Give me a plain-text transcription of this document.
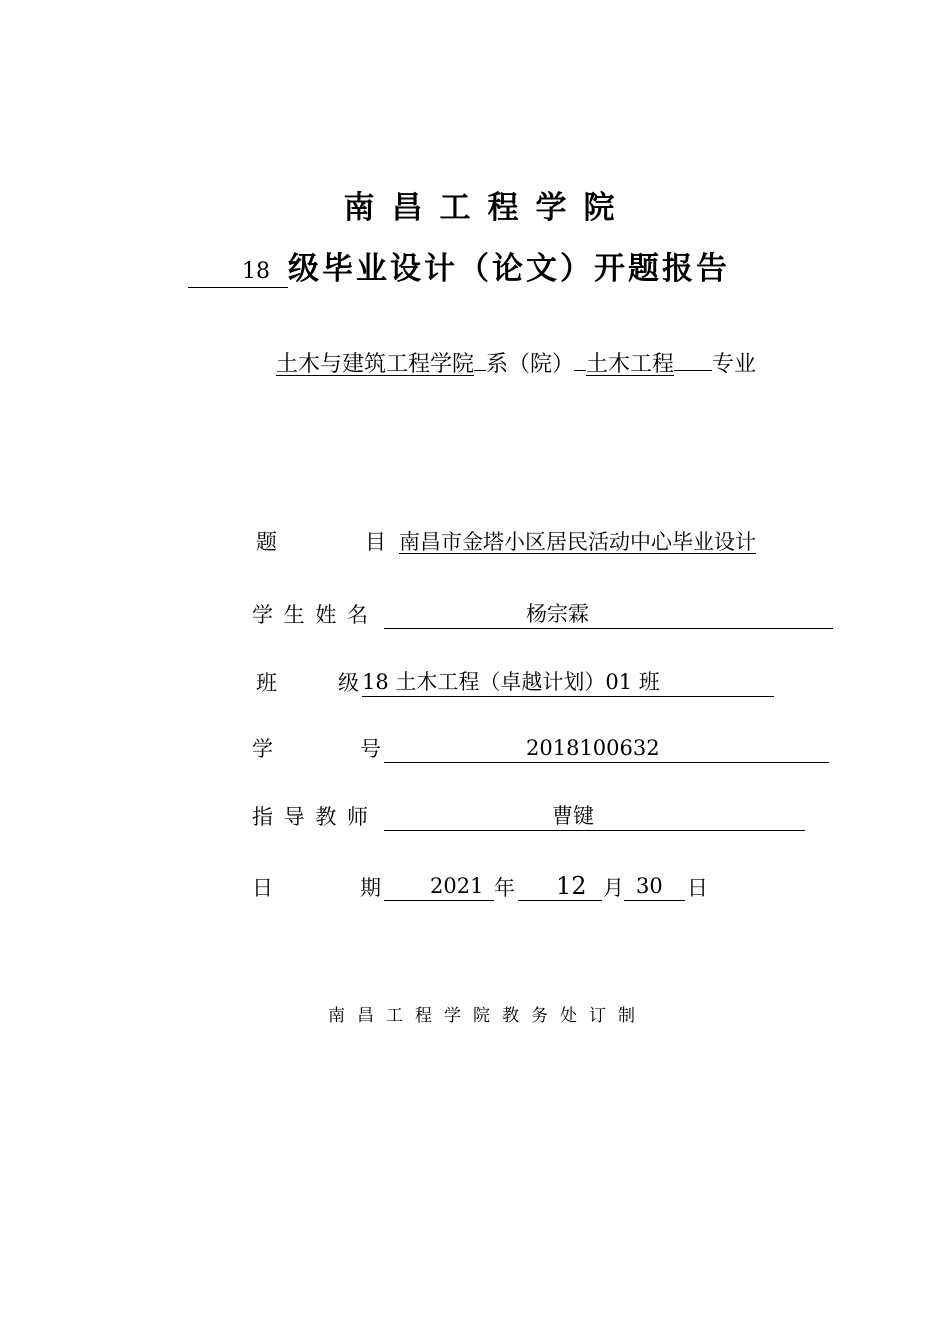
南昌工程学院
18 级毕业设计（论文）开题报告
土木与建筑工程学院 系（院） 土木工程 专业
题	目 南昌市金塔小区居民活动中心毕业设计
学 生 姓 名	杨宗霖
班	级 18 土木工程（卓越计划）01 班
学	号	2018100632
指 导 教 师	曹键
日	期 2021 年 12 月 30 日
南昌工程学院教务处订制
